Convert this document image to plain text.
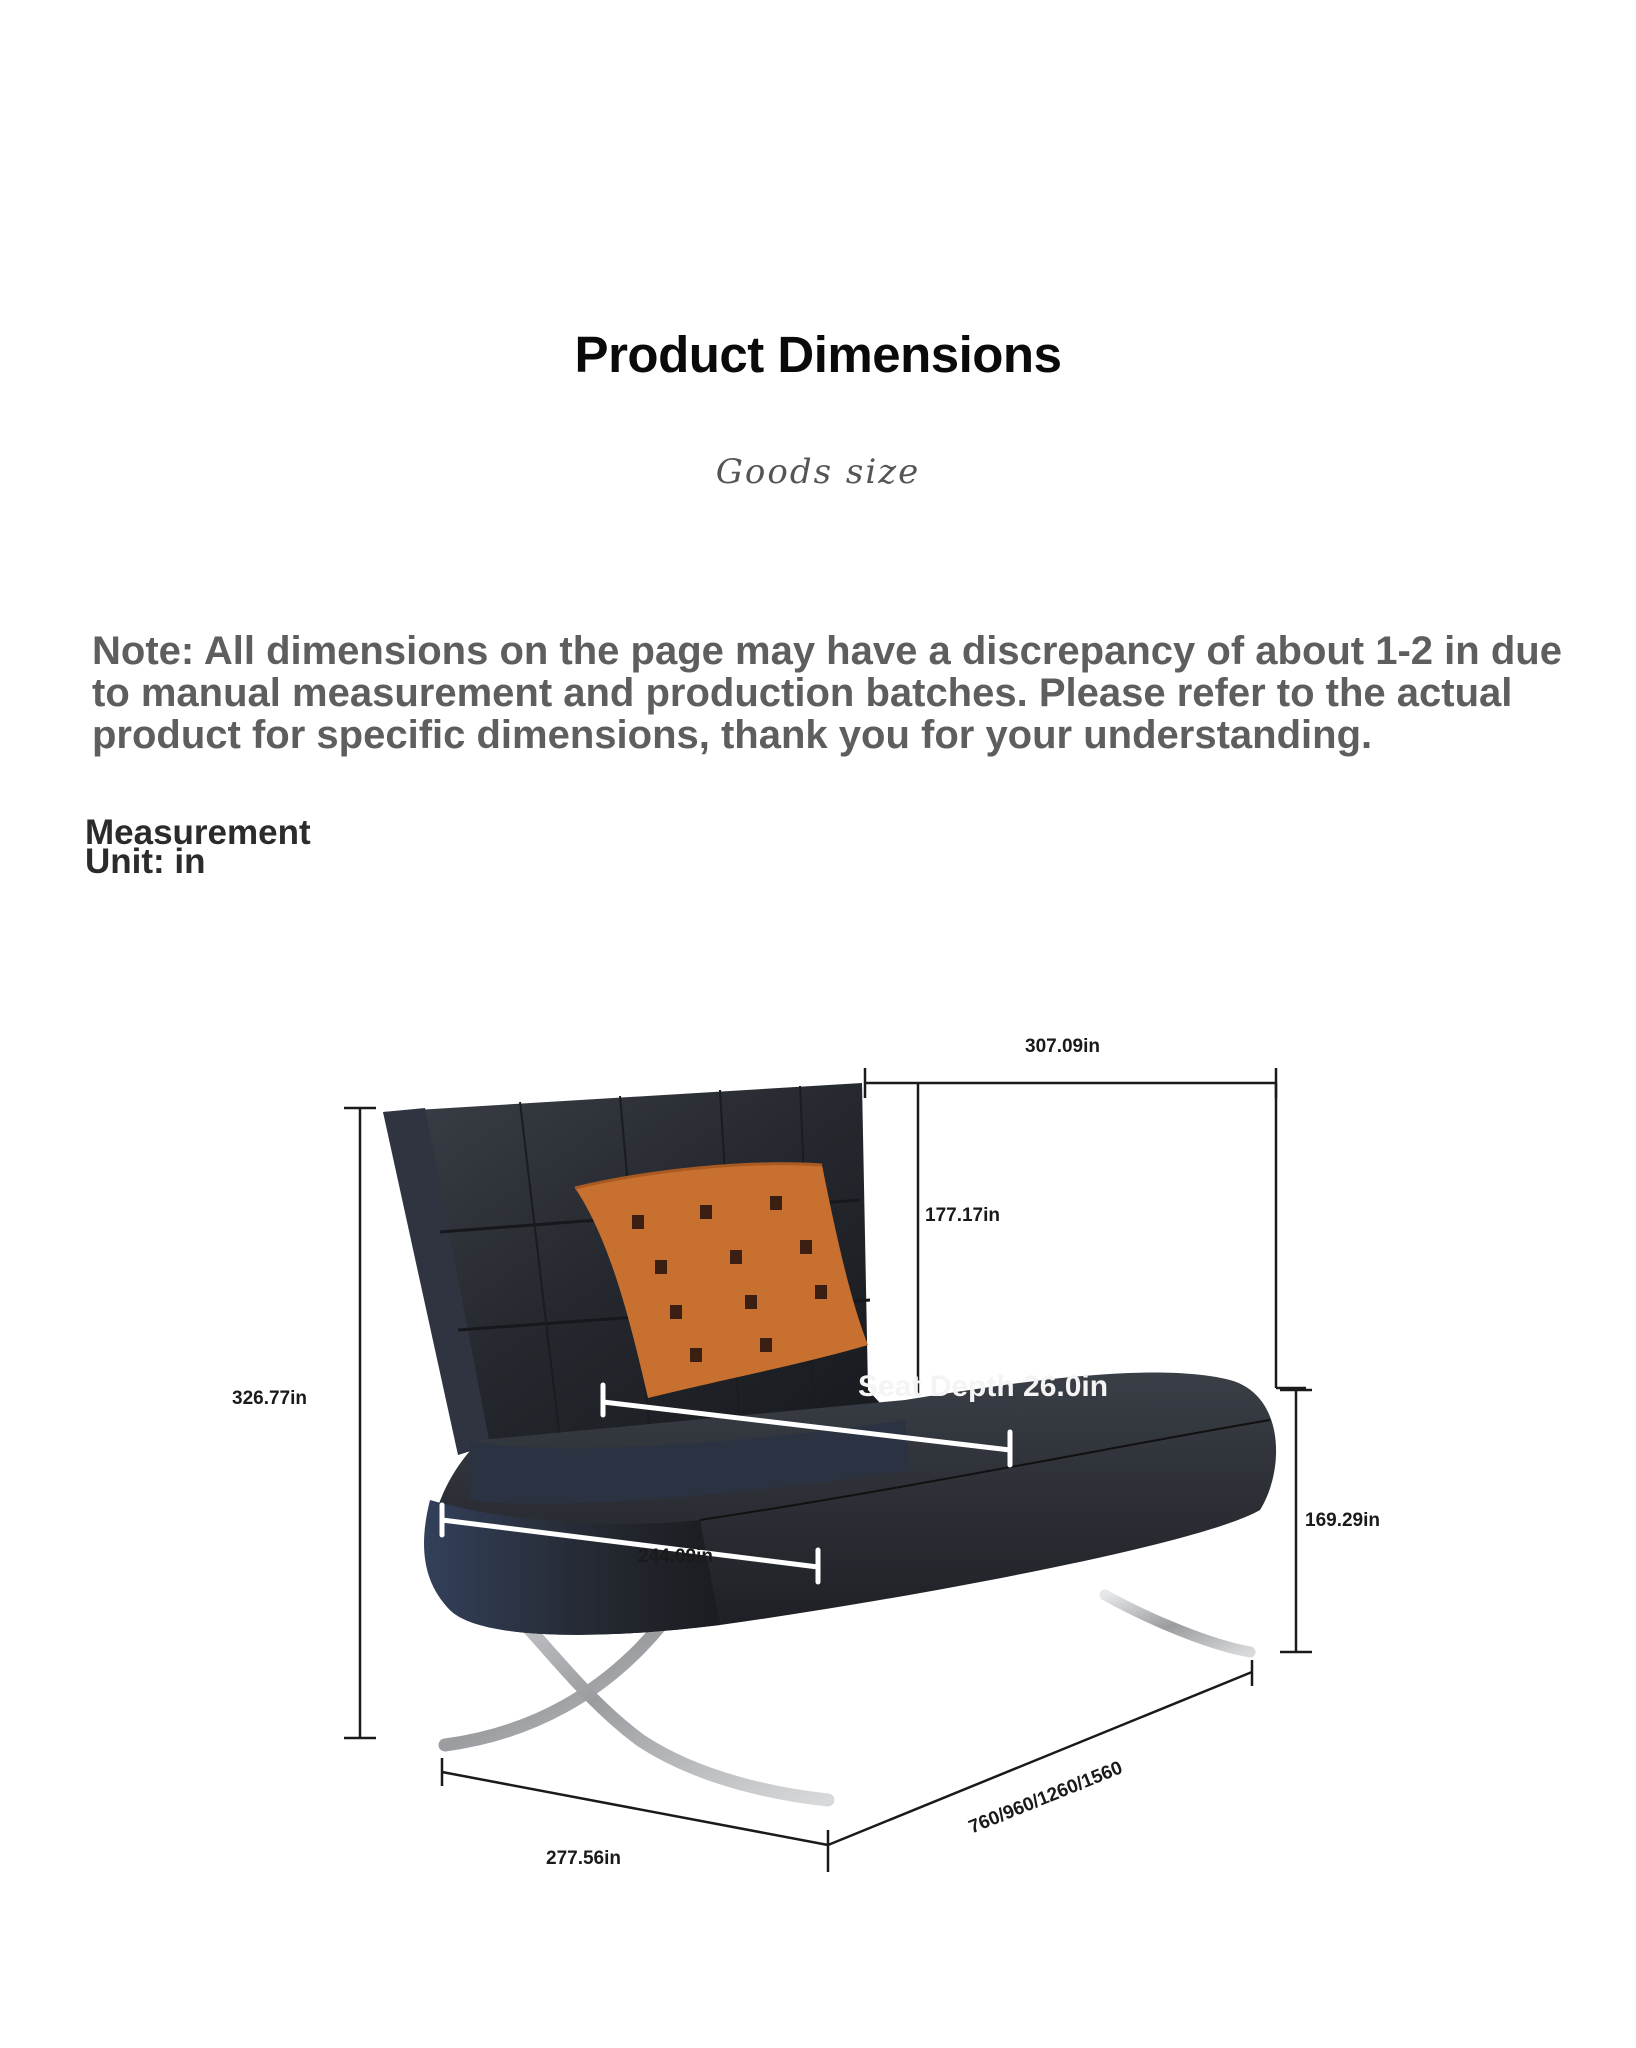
Product Dimensions
Goods size
Note: All dimensions on the page may have a discrepancy of about 1-2 in due to manual measurement and production batches. Please refer to the actual product for specific dimensions, thank you for your understanding.
Measurement
Unit: in
307.09in
177.17in
326.77in	Seat Depth 26.0in
169.29in
244.09in
277.56in
760/960/1260/1560
